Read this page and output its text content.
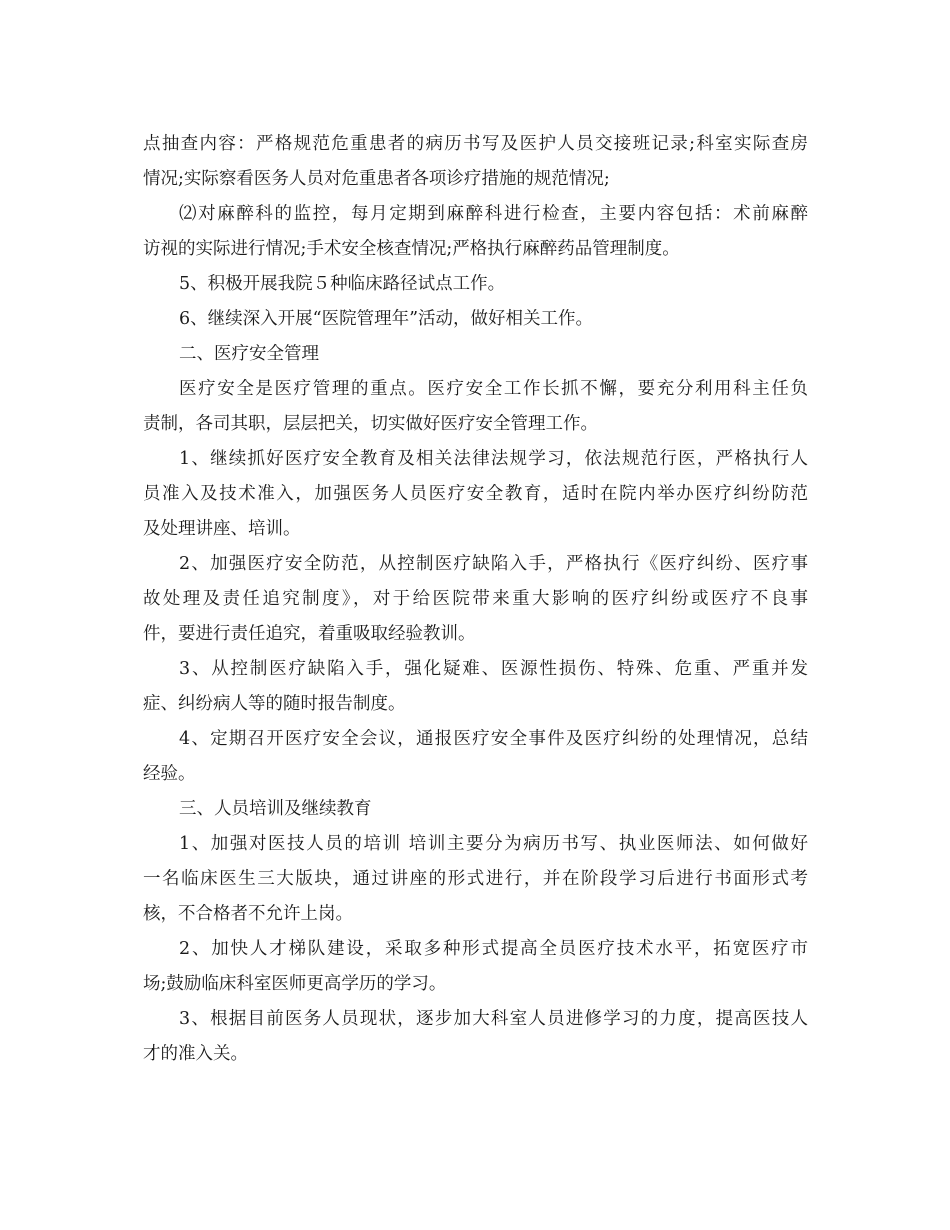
点抽查内容：严格规范危重患者的病历书写及医护人员交接班记录;科室实际查房
情况;实际察看医务人员对危重患者各项诊疗措施的规范情况;
⑵对麻醉科的监控，每月定期到麻醉科进行检查，主要内容包括：术前麻醉
访视的实际进行情况;手术安全核查情况;严格执行麻醉药品管理制度。
5、积极开展我院５种临床路径试点工作。
6、继续深入开展“医院管理年”活动，做好相关工作。
二、医疗安全管理
医疗安全是医疗管理的重点。医疗安全工作长抓不懈，要充分利用科主任负
责制，各司其职，层层把关，切实做好医疗安全管理工作。
1、继续抓好医疗安全教育及相关法律法规学习，依法规范行医，严格执行人
员准入及技术准入，加强医务人员医疗安全教育，适时在院内举办医疗纠纷防范
及处理讲座、培训。
2、加强医疗安全防范，从控制医疗缺陷入手，严格执行《医疗纠纷、医疗事
故处理及责任追究制度》，对于给医院带来重大影响的医疗纠纷或医疗不良事
件，要进行责任追究，着重吸取经验教训。
3、从控制医疗缺陷入手，强化疑难、医源性损伤、特殊、危重、严重并发
症、纠纷病人等的随时报告制度。
4、定期召开医疗安全会议，通报医疗安全事件及医疗纠纷的处理情况，总结
经验。
三、人员培训及继续教育
1、加强对医技人员的培训 培训主要分为病历书写、执业医师法、如何做好
一名临床医生三大版块，通过讲座的形式进行，并在阶段学习后进行书面形式考
核，不合格者不允许上岗。
2、加快人才梯队建设，采取多种形式提高全员医疗技术水平，拓宽医疗市
场;鼓励临床科室医师更高学历的学习。
3、根据目前医务人员现状，逐步加大科室人员进修学习的力度，提高医技人
才的准入关。
